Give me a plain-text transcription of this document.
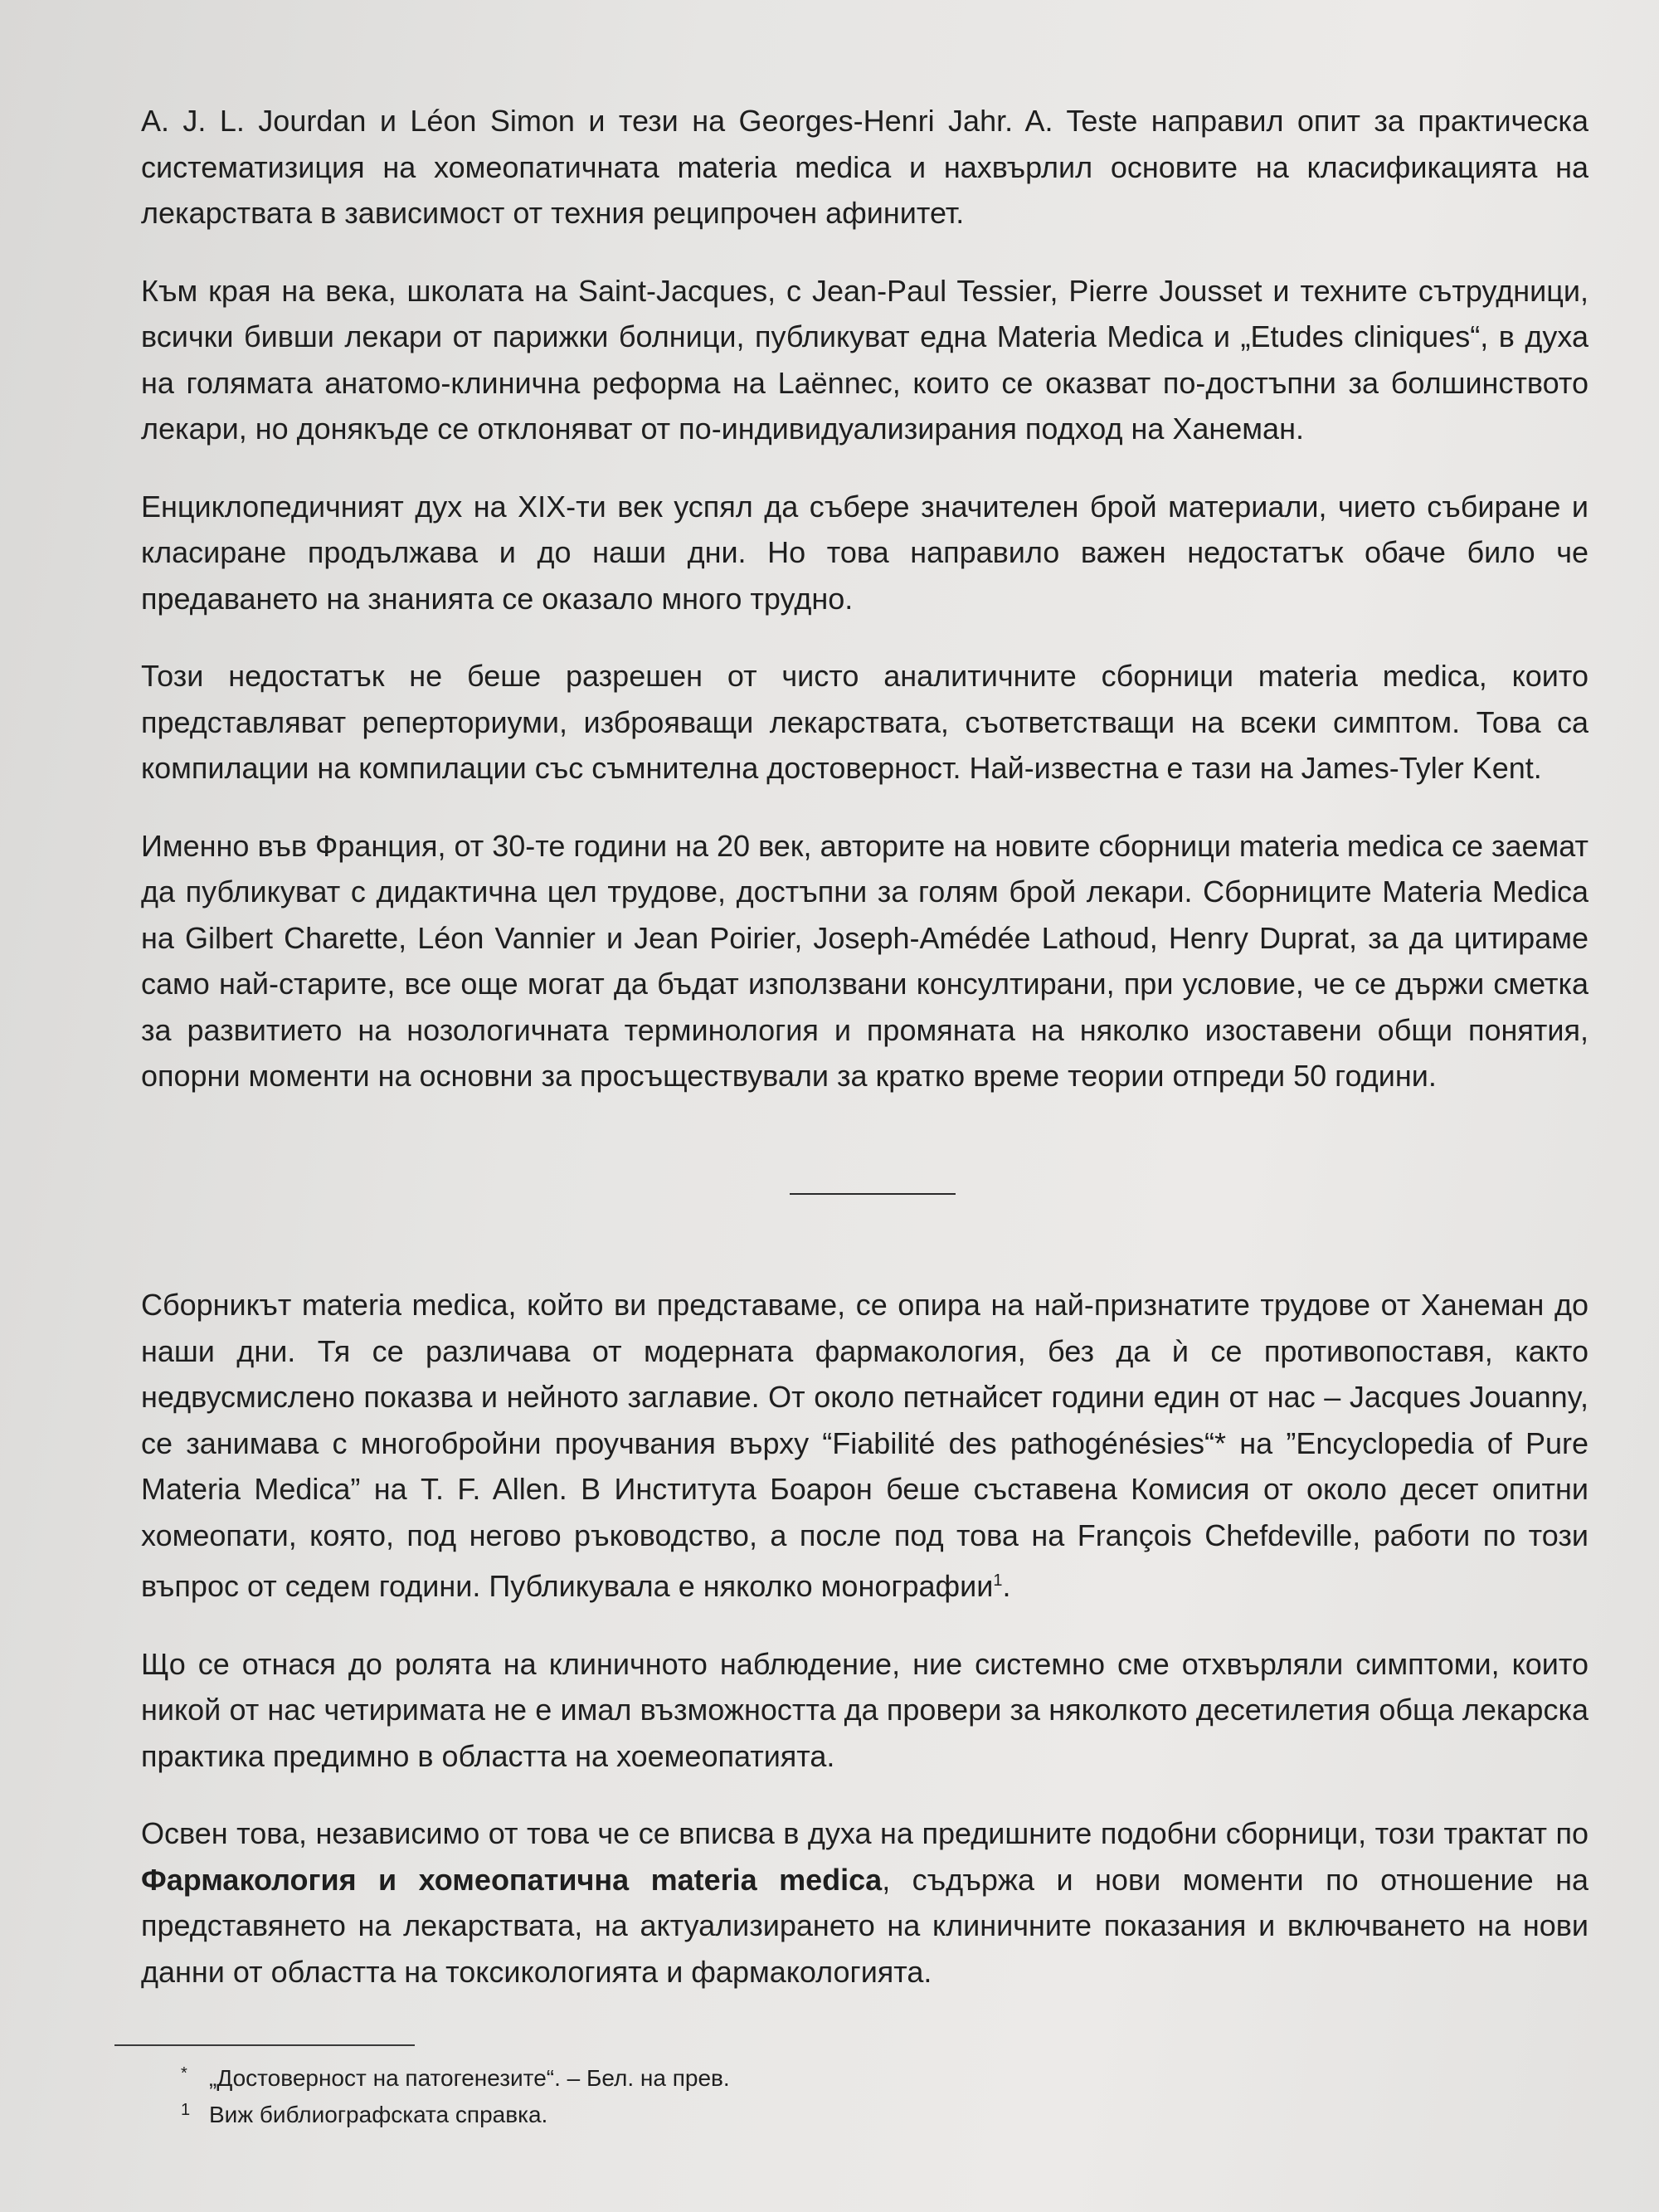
A. J. L. Jourdan и Léon Simon и тези на Georges-Henri Jahr. A. Teste направил опит за практическа систематизиция на хомеопатичната materia medica и нахвърлил основите на класификацията на лекарствата в зависимост от техния реципрочен афинитет.

Към края на века, школата на Saint-Jacques, с Jean-Paul Tessier, Pierre Jousset и техните сътрудници, всички бивши лекари от парижки болници, публикуват една Materia Medica и „Etudes cliniques“, в духа на голямата анатомо-клинична реформа на Laënnec, които се оказват по-достъпни за болшинството лекари, но донякъде се отклоняват от по-индивидуализирания подход на Ханеман.

Енциклопедичният дух на XIX-ти век успял да събере значителен брой материали, чието събиране и класиране продължава и до наши дни. Но това направило важен недостатък обаче било че предаването на знанията се оказало много трудно.

Този недостатък не беше разрешен от чисто аналитичните сборници materia medica, които представляват реперториуми, изброяващи лекарствата, съответстващи на всеки симптом. Това са компилации на компилации със съмнителна достоверност. Най-известна е тази на James-Tyler Kent.

Именно във Франция, от 30-те години на 20 век, авторите на новите сборници materia medica се заемат да публикуват с дидактична цел трудове, достъпни за голям брой лекари. Сборниците Materia Medica на Gilbert Charette, Léon Vannier и Jean Poirier, Joseph-Amédée Lathoud, Henry Duprat, за да цитираме само най-старите, все още могат да бъдат използвани консултирани, при условие, че се държи сметка за развитието на нозологичната терминология и промяната на няколко изоставени общи понятия, опорни моменти на основни за просъществували за кратко време теории отпреди 50 години.

Сборникът materia medica, който ви представаме, се опира на най-признатите трудове от Ханеман до наши дни. Тя се различава от модерната фармакология, без да ѝ се противопоставя, както недвусмислено показва и нейното заглавие. От около петнайсет години един от нас – Jacques Jouanny, се занимава с многобройни проучвания върху “Fiabilité des pathogénésies“* на ”Encyclopedia of Pure Materia Medica” на T. F. Allen. В Института Боарон беше съставена Комисия от около десет опитни хомеопати, която, под негово ръководство, а после под това на François Chefdeville, работи по този въпрос от седем години. Публикувала е няколко монографии$^1$.

Що се отнася до ролята на клиничното наблюдение, ние системно сме отхвърляли симптоми, които никой от нас четиримата не е имал възможността да провери за няколкото десетилетия обща лекарска практика предимно в областта на хоемеопатията.

Освен това, независимо от това че се вписва в духа на предишните подобни сборници, този трактат по Фармакология и хомеопатична materia medica, съдържа и нови моменти по отношение на представянето на лекарствата, на актуализирането на клиничните показания и включването на нови данни от областта на токсикологията и фармакологията.

* „Достоверност на патогенезите“. – Бел. на прев.
1 Виж библиографската справка.
